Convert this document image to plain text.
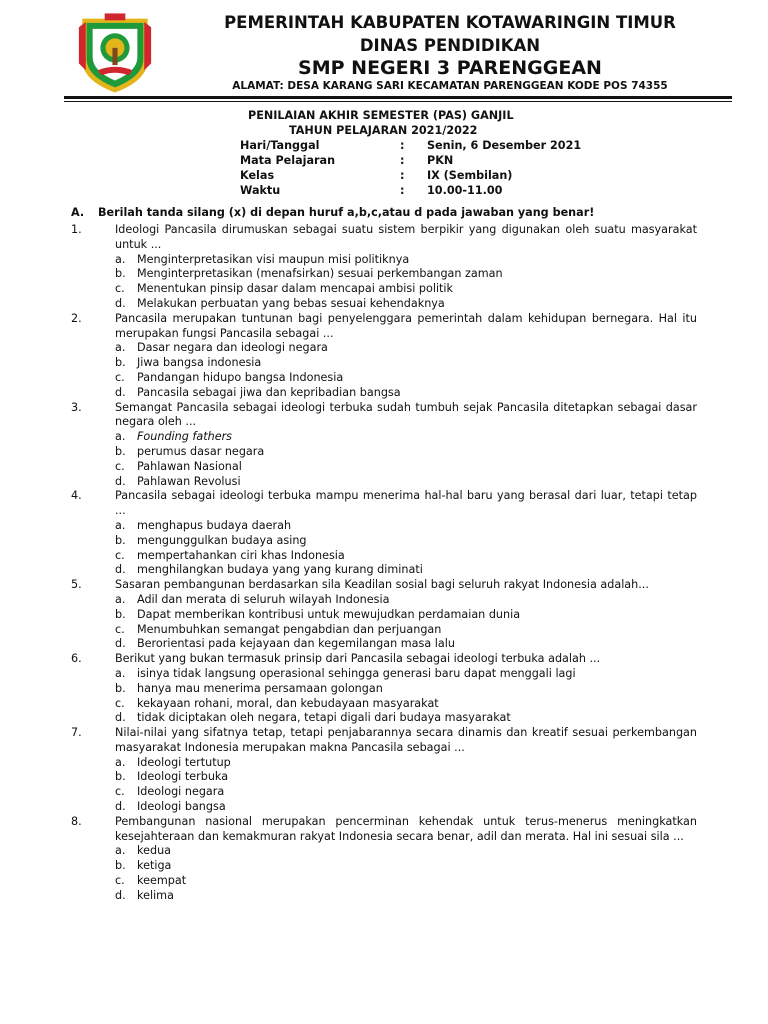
PEMERINTAH KABUPATEN KOTAWARINGIN TIMUR
DINAS PENDIDIKAN
SMP NEGERI 3 PARENGGEAN
ALAMAT: DESA KARANG SARI KECAMATAN PARENGGEAN KODE POS 74355
PENILAIAN AKHIR SEMESTER (PAS) GANJIL
TAHUN PELAJARAN 2021/2022
Hari/Tanggal	: Senin, 6 Desember 2021
Mata Pelajaran	: PKN
Kelas	: IX (Sembilan)
Waktu	: 10.00-11.00
A. Berilah tanda silang (x) di depan huruf a,b,c,atau d pada jawaban yang benar!
1.	Ideologi Pancasila dirumuskan sebagai suatu sistem berpikir yang digunakan oleh suatu masyarakat untuk ...
a. Menginterpretasikan visi maupun misi politiknya
b. Menginterpretasikan (menafsirkan) sesuai perkembangan zaman
c. Menentukan pinsip dasar dalam mencapai ambisi politik
d. Melakukan perbuatan yang bebas sesuai kehendaknya
2.	Pancasila merupakan tuntunan bagi penyelenggara pemerintah dalam kehidupan bernegara. Hal itu merupakan fungsi Pancasila sebagai ...
a. Dasar negara dan ideologi negara
b. Jiwa bangsa indonesia
c. Pandangan hidupo bangsa Indonesia
d. Pancasila sebagai jiwa dan kepribadian bangsa
3.	Semangat Pancasila sebagai ideologi terbuka sudah tumbuh sejak Pancasila ditetapkan sebagai dasar negara oleh ...
a. Founding fathers
b. perumus dasar negara
c. Pahlawan Nasional
d. Pahlawan Revolusi
4.	Pancasila sebagai ideologi terbuka mampu menerima hal-hal baru yang berasal dari luar, tetapi tetap ...
a. menghapus budaya daerah
b. mengunggulkan budaya asing
c. mempertahankan ciri khas Indonesia
d. menghilangkan budaya yang yang kurang diminati
5.	Sasaran pembangunan berdasarkan sila Keadilan sosial bagi seluruh rakyat Indonesia adalah...
a. Adil dan merata di seluruh wilayah Indonesia
b. Dapat memberikan kontribusi untuk mewujudkan perdamaian dunia
c. Menumbuhkan semangat pengabdian dan perjuangan
d. Berorientasi pada kejayaan dan kegemilangan masa lalu
6.	Berikut yang bukan termasuk prinsip dari Pancasila sebagai ideologi terbuka adalah ...
a. isinya tidak langsung operasional sehingga generasi baru dapat menggali lagi
b. hanya mau menerima persamaan golongan
c. kekayaan rohani, moral, dan kebudayaan masyarakat
d. tidak diciptakan oleh negara, tetapi digali dari budaya masyarakat
7.	Nilai-nilai yang sifatnya tetap, tetapi penjabarannya secara dinamis dan kreatif sesuai perkembangan masyarakat Indonesia merupakan makna Pancasila sebagai ...
a. Ideologi tertutup
b. Ideologi terbuka
c. Ideologi negara
d. Ideologi bangsa
8.	Pembangunan nasional merupakan pencerminan kehendak untuk terus-menerus meningkatkan kesejahteraan dan kemakmuran rakyat Indonesia secara benar, adil dan merata. Hal ini sesuai sila ...
a. kedua
b. ketiga
c. keempat
d. kelima
